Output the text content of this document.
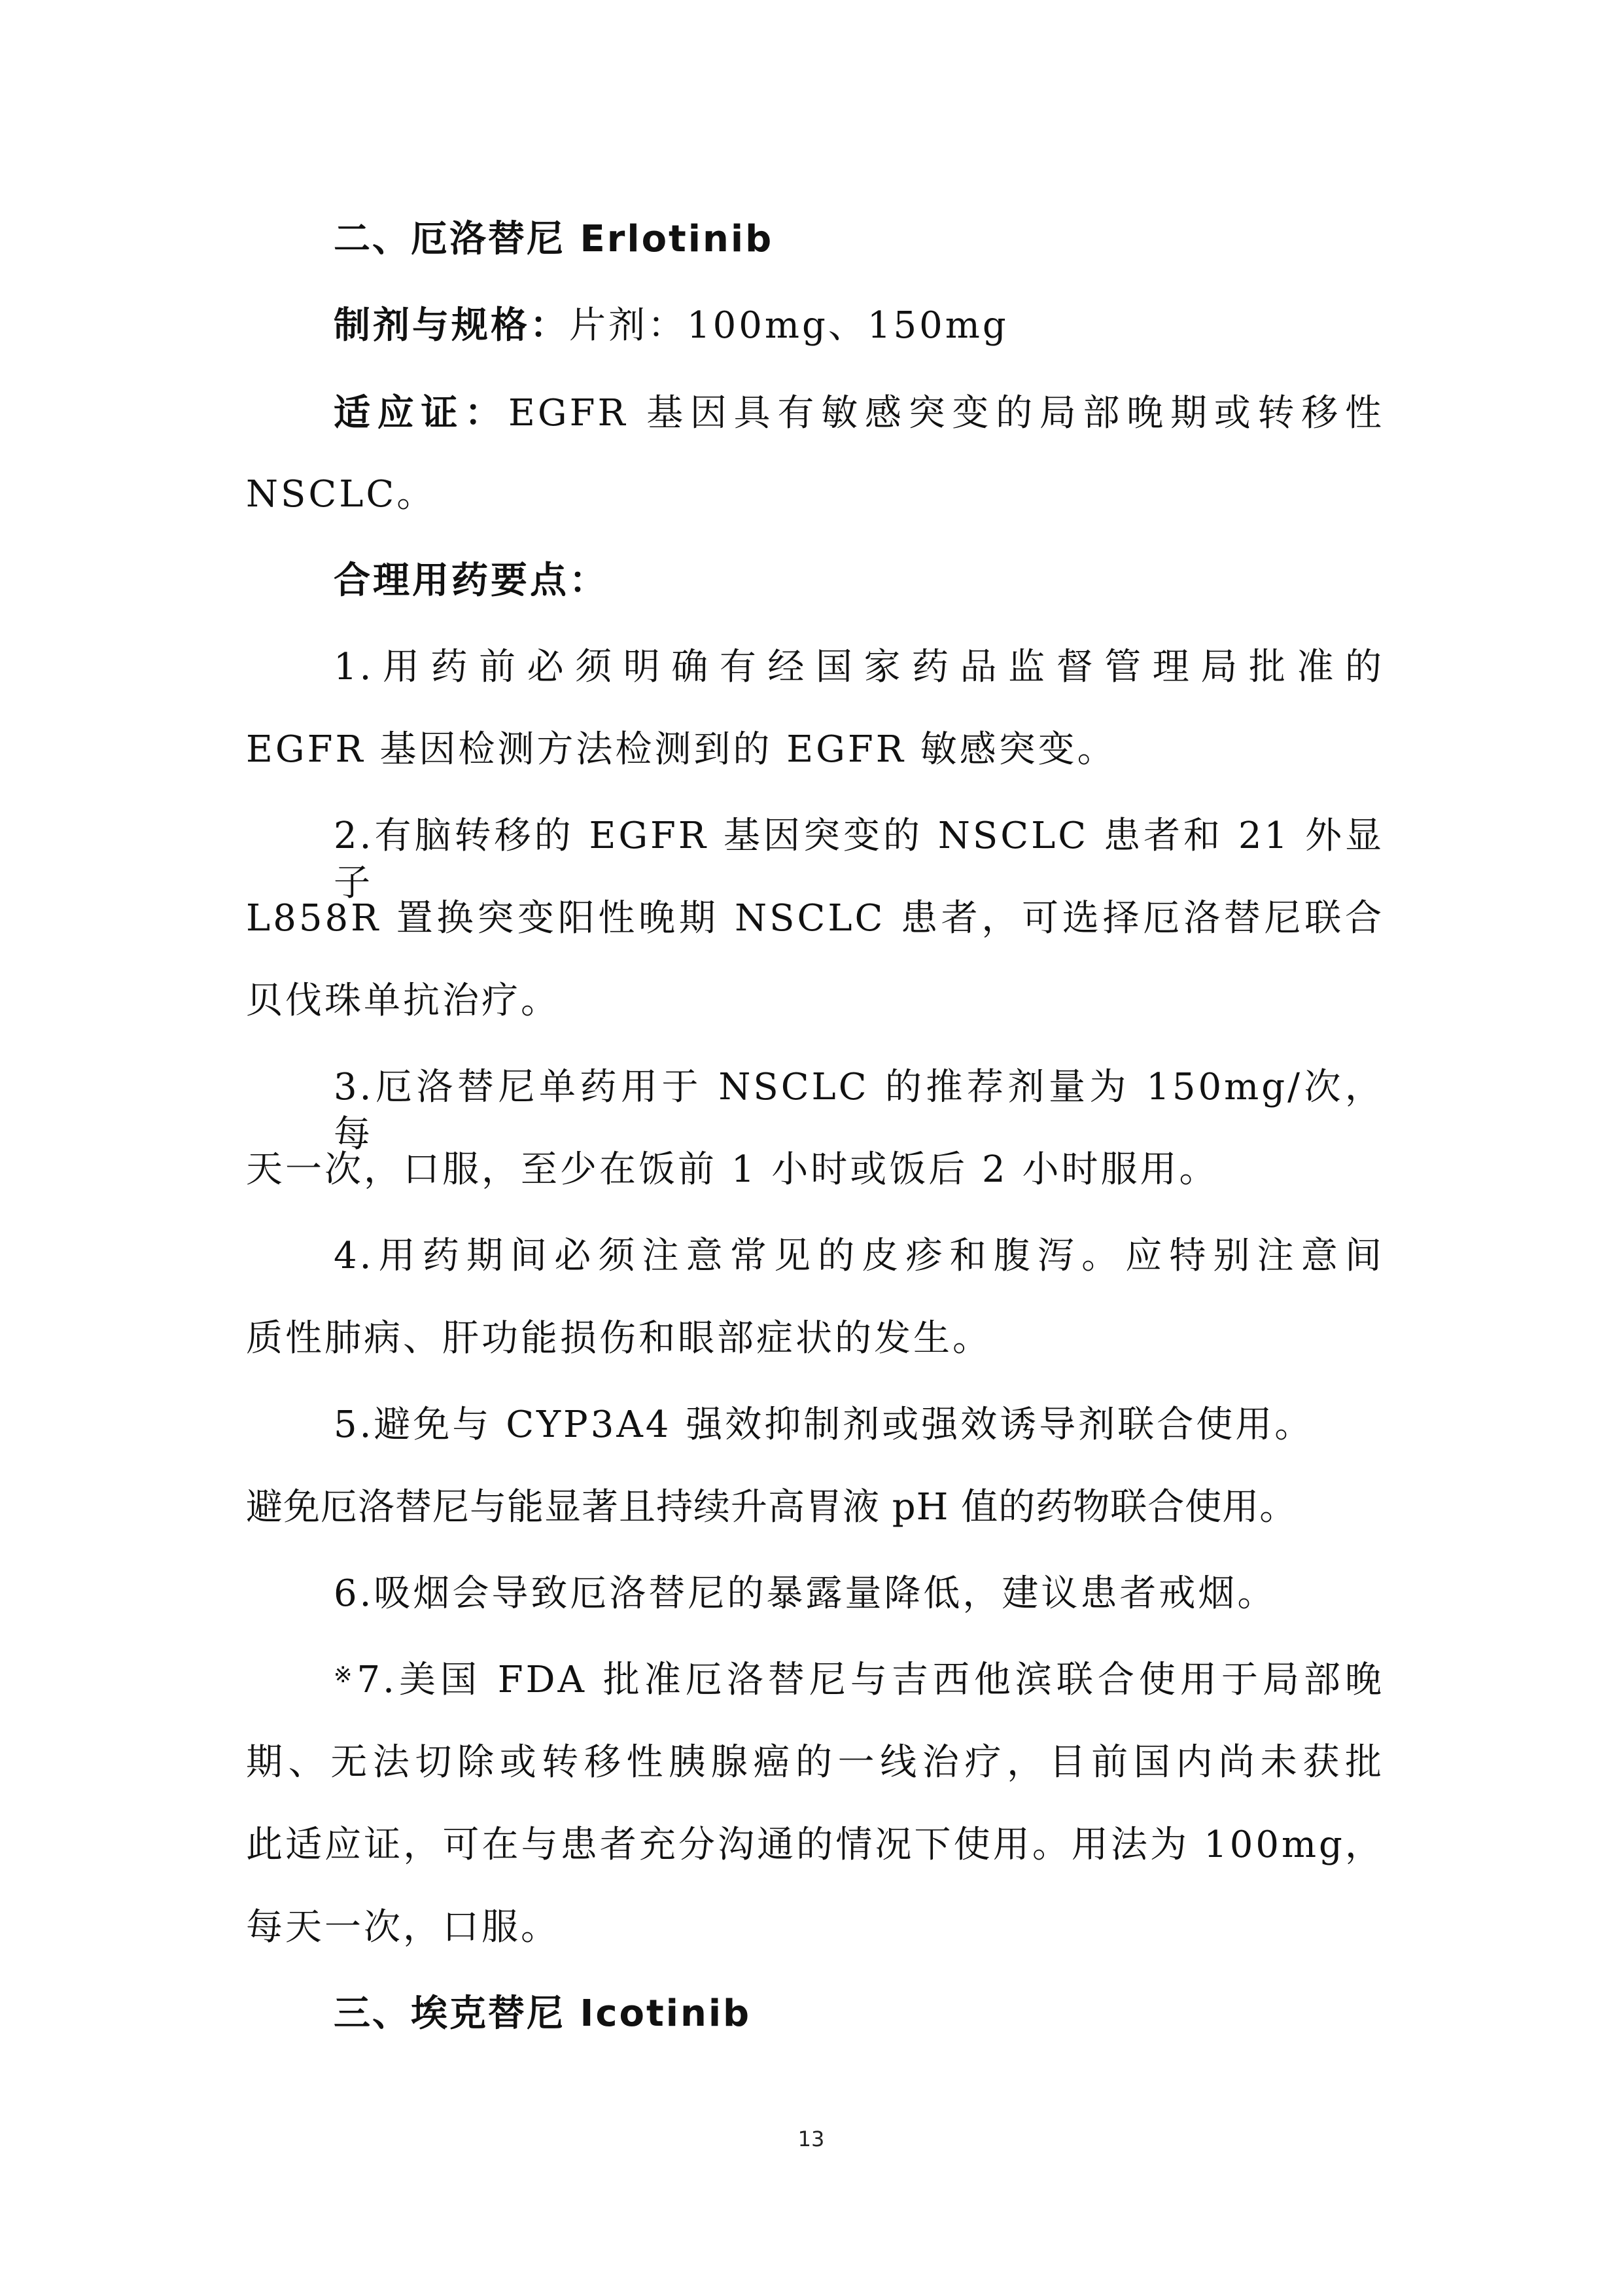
二、厄洛替尼 Erlotinib
制剂与规格：片剂：100mg、150mg
适应证：EGFR 基因具有敏感突变的局部晚期或转移性
NSCLC。
合理用药要点：
1.用药前必须明确有经国家药品监督管理局批准的
EGFR 基因检测方法检测到的 EGFR 敏感突变。
2.有脑转移的 EGFR 基因突变的 NSCLC 患者和 21 外显子
L858R 置换突变阳性晚期 NSCLC 患者，可选择厄洛替尼联合
贝伐珠单抗治疗。
3.厄洛替尼单药用于 NSCLC 的推荐剂量为 150mg/次，每
天一次，口服，至少在饭前 1 小时或饭后 2 小时服用。
4.用药期间必须注意常见的皮疹和腹泻。应特别注意间
质性肺病、肝功能损伤和眼部症状的发生。
5.避免与 CYP3A4 强效抑制剂或强效诱导剂联合使用。
避免厄洛替尼与能显著且持续升高胃液 pH 值的药物联合使用。
6.吸烟会导致厄洛替尼的暴露量降低，建议患者戒烟。
※7.美国 FDA 批准厄洛替尼与吉西他滨联合使用于局部晚
期、无法切除或转移性胰腺癌的一线治疗，目前国内尚未获批
此适应证，可在与患者充分沟通的情况下使用。用法为 100mg，
每天一次，口服。
三、埃克替尼 Icotinib
13
